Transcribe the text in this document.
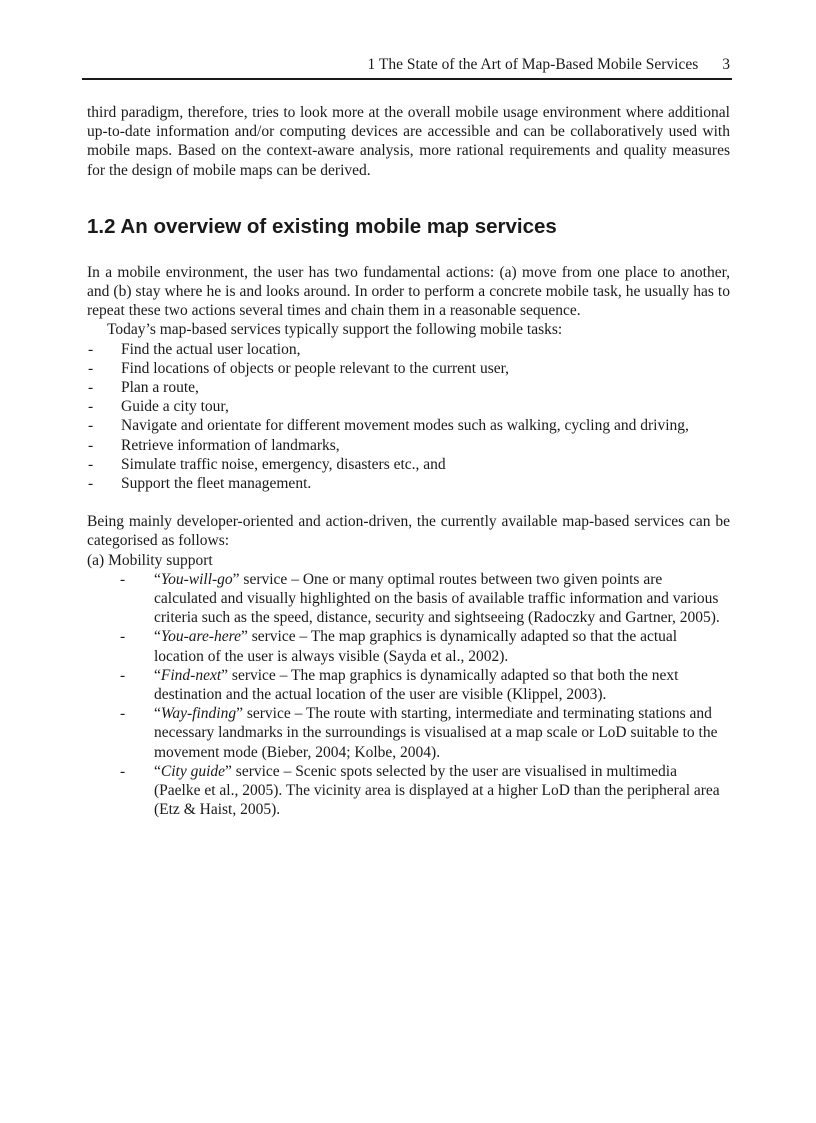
1 The State of the Art of Map-Based Mobile Services 3

third paradigm, therefore, tries to look more at the overall mobile usage environment where additional up-to-date information and/or computing devices are accessible and can be collaboratively used with mobile maps. Based on the context-aware analysis, more rational requirements and quality measures for the design of mobile maps can be derived.

1.2 An overview of existing mobile map services

In a mobile environment, the user has two fundamental actions: (a) move from one place to another, and (b) stay where he is and looks around. In order to perform a concrete mobile task, he usually has to repeat these two actions several times and chain them in a reasonable sequence.

Today’s map-based services typically support the following mobile tasks:

- Find the actual user location,
- Find locations of objects or people relevant to the current user,
- Plan a route,
- Guide a city tour,
- Navigate and orientate for different movement modes such as walking, cycling and driving,
- Retrieve information of landmarks,
- Simulate traffic noise, emergency, disasters etc., and
- Support the fleet management.

Being mainly developer-oriented and action-driven, the currently available map-based services can be categorised as follows:

(a) Mobility support

- “You-will-go” service – One or many optimal routes between two given points are calculated and visually highlighted on the basis of available traffic information and various criteria such as the speed, distance, security and sightseeing (Radoczky and Gartner, 2005).
- “You-are-here” service – The map graphics is dynamically adapted so that the actual location of the user is always visible (Sayda et al., 2002).
- “Find-next” service – The map graphics is dynamically adapted so that both the next destination and the actual location of the user are visible (Klippel, 2003).
- “Way-finding” service – The route with starting, intermediate and terminating stations and necessary landmarks in the surroundings is visualised at a map scale or LoD suitable to the movement mode (Bieber, 2004; Kolbe, 2004).
- “City guide” service – Scenic spots selected by the user are visualised in multimedia (Paelke et al., 2005). The vicinity area is displayed at a higher LoD than the peripheral area (Etz & Haist, 2005).
